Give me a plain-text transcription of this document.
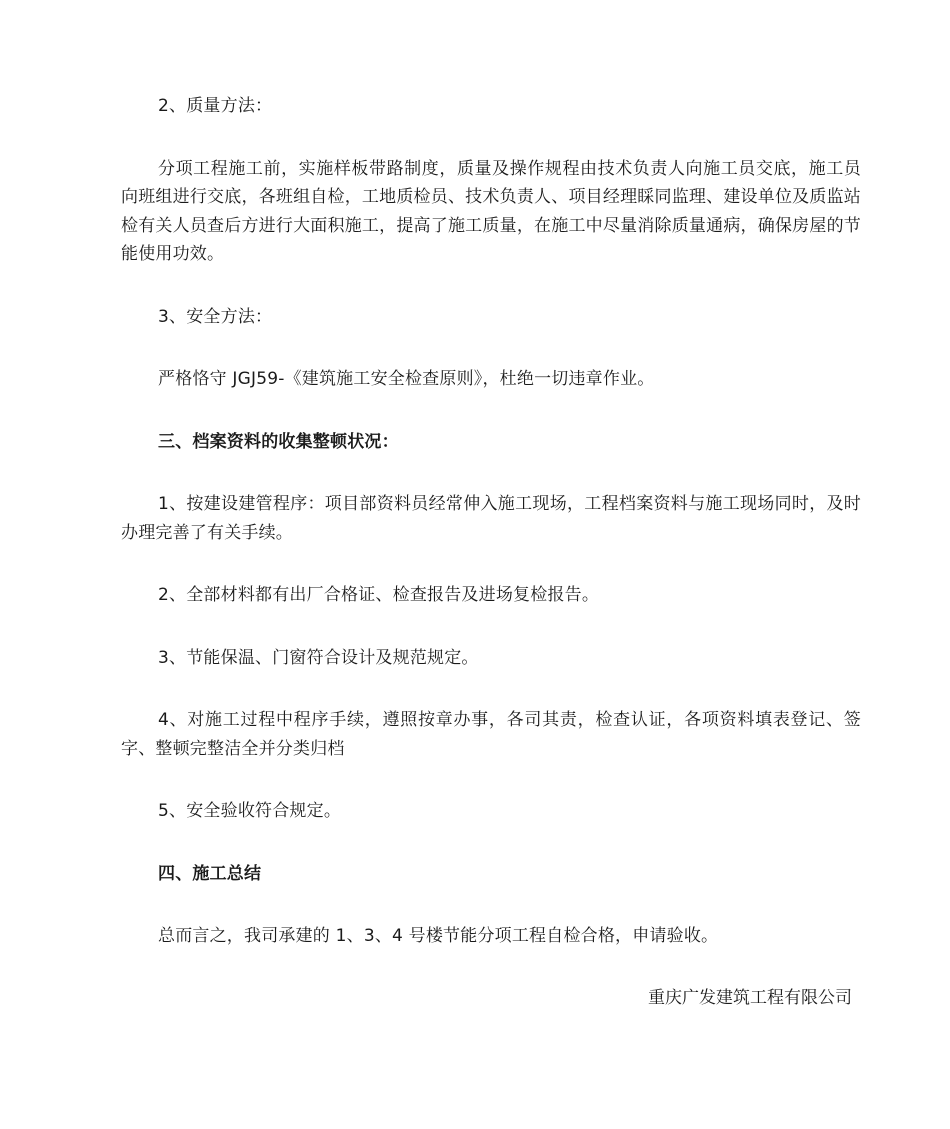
2、质量方法：

分项工程施工前，实施样板带路制度，质量及操作规程由技术负责人向施工员交底，施工员向班组进行交底，各班组自检，工地质检员、技术负责人、项目经理睬同监理、建设单位及质监站检有关人员查后方进行大面积施工，提高了施工质量，在施工中尽量消除质量通病，确保房屋的节能使用功效。

3、安全方法：

严格恪守 JGJ59-《建筑施工安全检查原则》，杜绝一切违章作业。

三、档案资料的收集整顿状况：

1、按建设建管程序：项目部资料员经常伸入施工现场，工程档案资料与施工现场同时，及时办理完善了有关手续。

2、全部材料都有出厂合格证、检查报告及进场复检报告。

3、节能保温、门窗符合设计及规范规定。

4、对施工过程中程序手续，遵照按章办事，各司其责，检查认证，各项资料填表登记、签字、整顿完整洁全并分类归档

5、安全验收符合规定。

四、施工总结

总而言之，我司承建的 1、3、4 号楼节能分项工程自检合格，申请验收。

重庆广发建筑工程有限公司
